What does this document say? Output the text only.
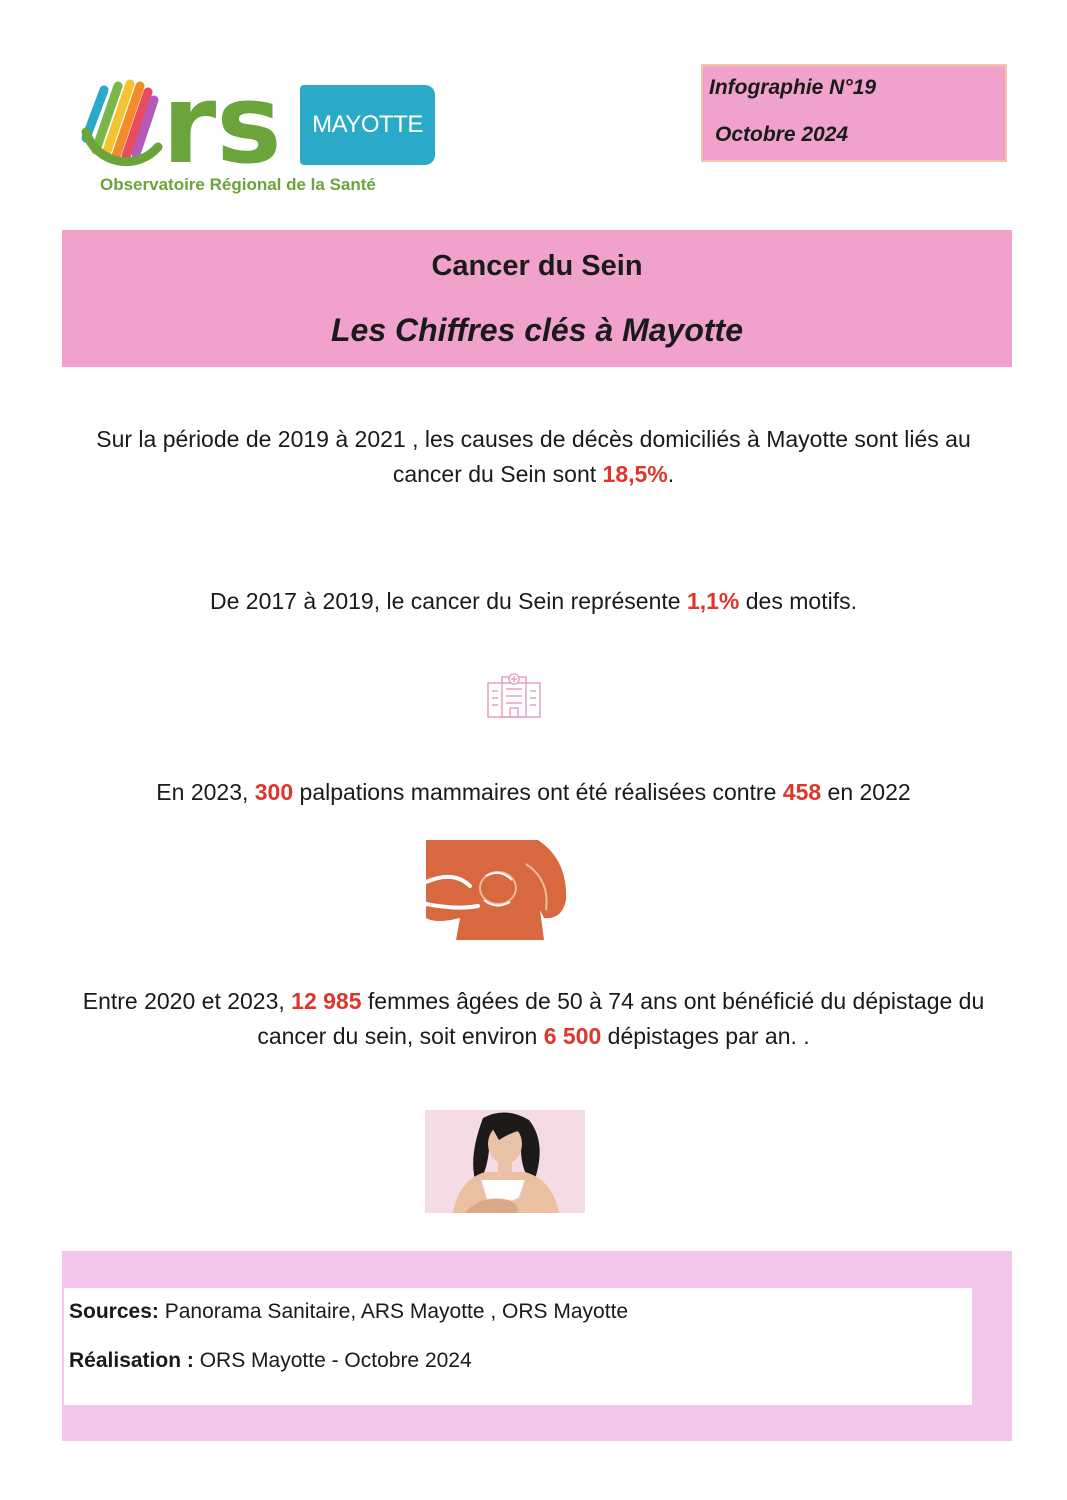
rs	MAYOTTE
Observatoire Régional de la Santé
Infographie N°19
Octobre 2024
Cancer du Sein
Les Chiffres clés à Mayotte
Sur la période de 2019 à 2021 , les causes de décès domiciliés à Mayotte sont liés au cancer du Sein sont 18,5%.
De 2017 à 2019, le cancer du Sein représente 1,1% des motifs.
En 2023, 300 palpations mammaires ont été réalisées contre 458 en 2022
Entre 2020 et 2023, 12 985 femmes âgées de 50 à 74 ans ont bénéficié du dépistage du cancer du sein, soit environ 6 500 dépistages par an. .
Sources: Panorama Sanitaire, ARS Mayotte , ORS Mayotte
Réalisation : ORS Mayotte - Octobre 2024
